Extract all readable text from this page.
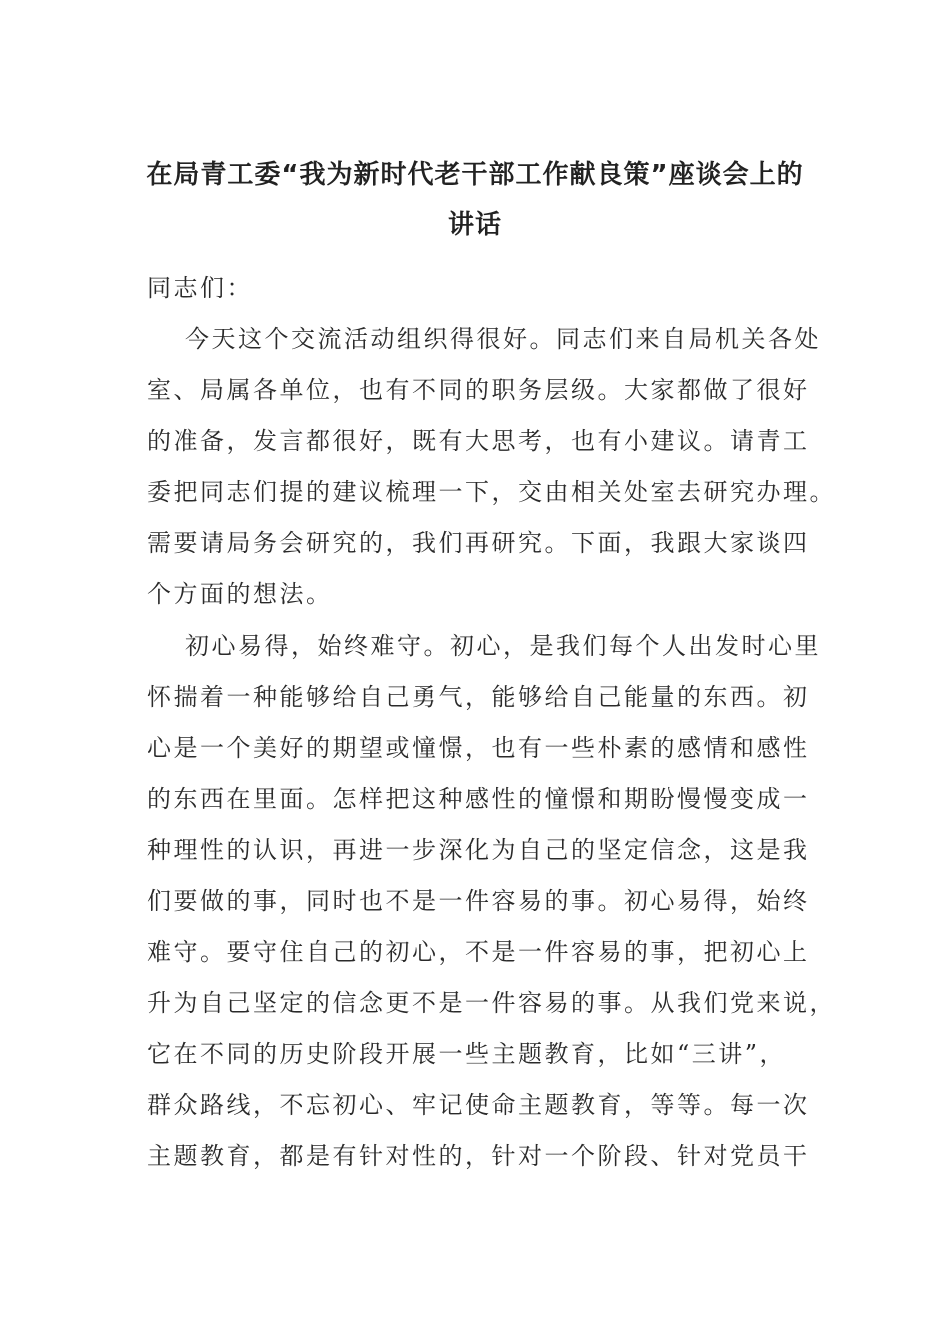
在局青工委“我为新时代老干部工作献良策”座谈会上的
讲话
同志们：
今天这个交流活动组织得很好。同志们来自局机关各处
室、局属各单位，也有不同的职务层级。大家都做了很好
的准备，发言都很好，既有大思考，也有小建议。请青工
委把同志们提的建议梳理一下，交由相关处室去研究办理。
需要请局务会研究的，我们再研究。下面，我跟大家谈四
个方面的想法。
初心易得，始终难守。初心，是我们每个人出发时心里
怀揣着一种能够给自己勇气，能够给自己能量的东西。初
心是一个美好的期望或憧憬，也有一些朴素的感情和感性
的东西在里面。怎样把这种感性的憧憬和期盼慢慢变成一
种理性的认识，再进一步深化为自己的坚定信念，这是我
们要做的事，同时也不是一件容易的事。初心易得，始终
难守。要守住自己的初心，不是一件容易的事，把初心上
升为自己坚定的信念更不是一件容易的事。从我们党来说，
它在不同的历史阶段开展一些主题教育，比如“三讲”，
群众路线，不忘初心、牢记使命主题教育，等等。每一次
主题教育，都是有针对性的，针对一个阶段、针对党员干
